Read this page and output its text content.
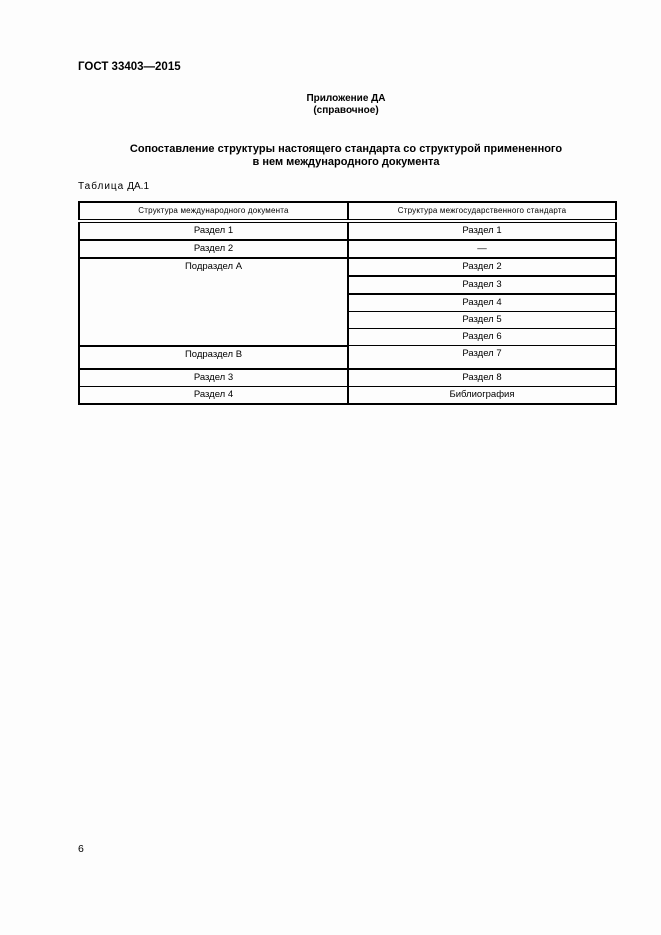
ГОСТ 33403—2015
Приложение ДА
(справочное)
Сопоставление структуры настоящего стандарта со структурой примененного
в нем международного документа
Таблица ДА.1
Структура международного документа	Структура межгосударственного стандарта
Раздел 1	Раздел 1
Раздел 2	—
Подраздел А	Раздел 2
	Раздел 3
	Раздел 4
	Раздел 5
	Раздел 6
Подраздел В	Раздел 7
Раздел 3	Раздел 8
Раздел 4	Библиография
6
